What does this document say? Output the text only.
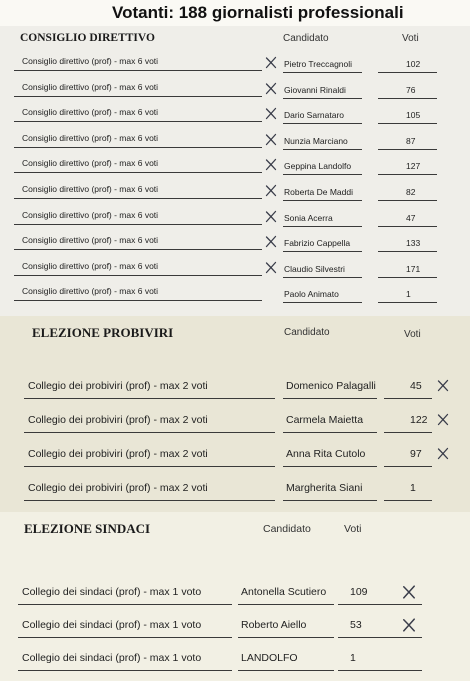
Votanti: 188 giornalisti professionali
CONSIGLIO DIRETTIVO	Candidato	Voti
Consiglio direttivo (prof) - max 6 voti	Pietro Treccagnoli	102
Consiglio direttivo (prof) - max 6 voti	Giovanni Rinaldi	76
Consiglio direttivo (prof) - max 6 voti	Dario Sarnataro	105
Consiglio direttivo (prof) - max 6 voti	Nunzia Marciano	87
Consiglio direttivo (prof) - max 6 voti	Geppina Landolfo	127
Consiglio direttivo (prof) - max 6 voti	Roberta De Maddi	82
Consiglio direttivo (prof) - max 6 voti	Sonia Acerra	47
Consiglio direttivo (prof) - max 6 voti	Fabrizio Cappella	133
Consiglio direttivo (prof) - max 6 voti	Claudio Silvestri	171
Consiglio direttivo (prof) - max 6 voti	Paolo Animato	1
ELEZIONE PROBIVIRI	Candidato	Voti
Collegio dei probiviri (prof) - max 2 voti	Domenico Palagalli	45
Collegio dei probiviri (prof) - max 2 voti	Carmela Maietta	122
Collegio dei probiviri (prof) - max 2 voti	Anna Rita Cutolo	97
Collegio dei probiviri (prof) - max 2 voti	Margherita Siani	1
ELEZIONE SINDACI	Candidato	Voti
Collegio dei sindaci (prof) - max 1 voto	Antonella Scutiero 109
Collegio dei sindaci (prof) - max 1 voto	Roberto Aiello	53
Collegio dei sindaci (prof) - max 1 voto	LANDOLFO	1
